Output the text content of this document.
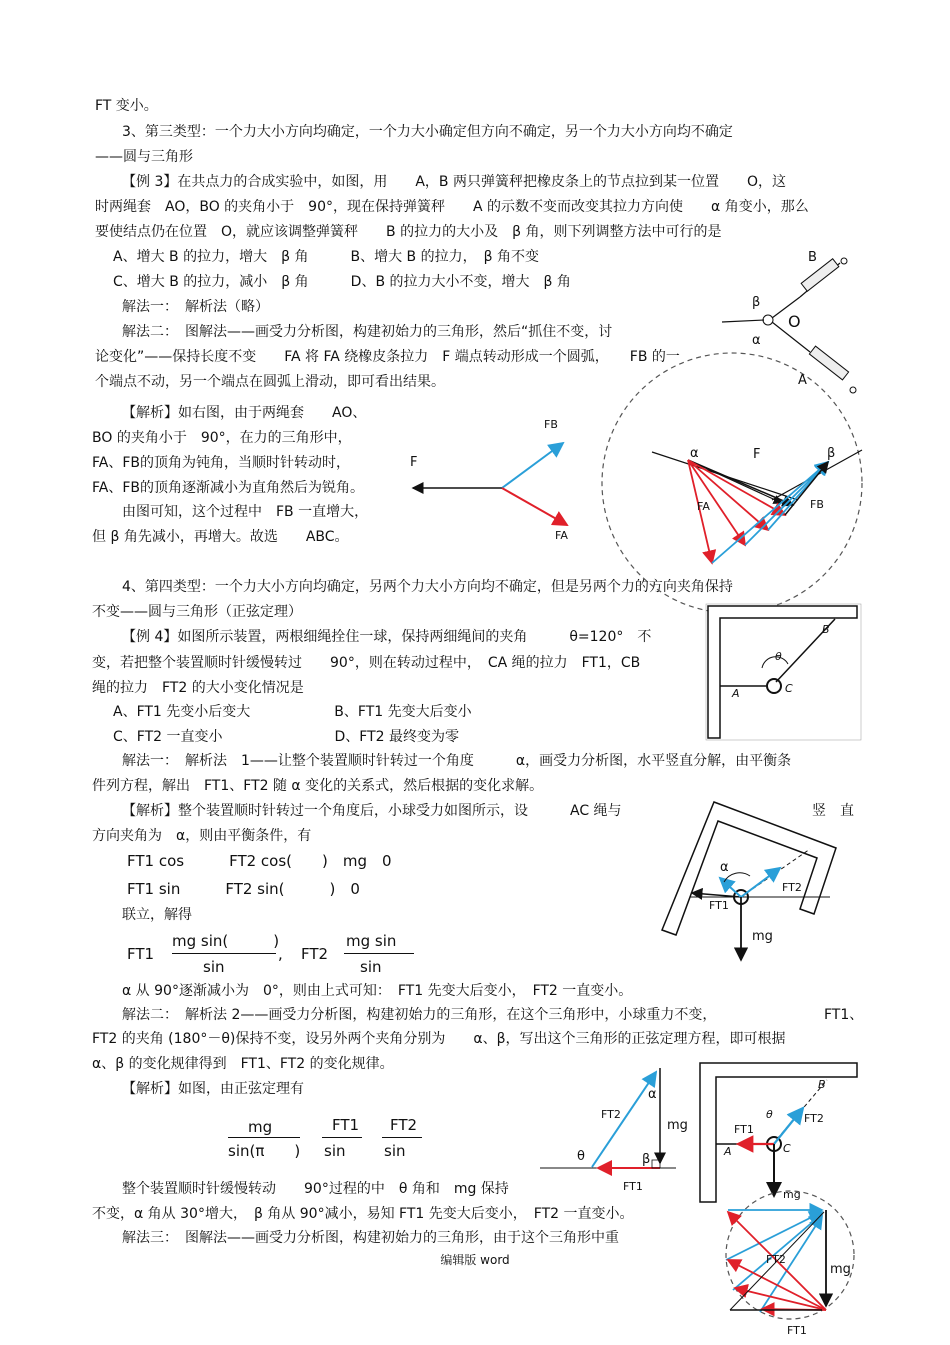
FT 变小。
3、第三类型：一个力大小方向均确定，一个力大小确定但方向不确定，另一个力大小方向均不确定
——圆与三角形
【例 3】在共点力的合成实验中，如图，用　　A，B 两只弹簧秤把橡皮条上的节点拉到某一位置　　O，这
时两绳套　AO，BO 的夹角小于　90°，现在保持弹簧秤　　A 的示数不变而改变其拉力方向使　　α 角变小，那么
要使结点仍在位置　O，就应该调整弹簧秤　　B 的拉力的大小及　β 角，则下列调整方法中可行的是
A、增大 B 的拉力，增大　β 角　　　B、增大 B 的拉力，　β 角不变
C、增大 B 的拉力，减小　β 角　　　D、B 的拉力大小不变，增大　β 角
解法一：　解析法（略）
解法二：　图解法——画受力分析图，构建初始力的三角形，然后“抓住不变，讨
论变化”——保持长度不变　　FA 将 FA 绕橡皮条拉力　F 端点转动形成一个圆弧，　　FB 的一
个端点不动，另一个端点在圆弧上滑动，即可看出结果。
【解析】如右图，由于两绳套　　AO、
BO 的夹角小于　90°，在力的三角形中，
FA、FB的顶角为钝角，当顺时针转动时，
FA、FB的顶角逐渐减小为直角然后为锐角。
由图可知，这个过程中　FB 一直增大，
但 β 角先减小，再增大。故选　　ABC。
4、第四类型：一个力大小方向均确定，另两个力大小方向均不确定，但是另两个力的方向夹角保持
不变——圆与三角形（正弦定理）
【例 4】如图所示装置，两根细绳拴住一球，保持两细绳间的夹角　　　θ=120°　不
变，若把整个装置顺时针缓慢转过　　90°，则在转动过程中，　CA 绳的拉力　FT1，CB
绳的拉力　FT2 的大小变化情况是
A、FT1 先变小后变大　　　　　　B、FT1 先变大后变小
C、FT2 一直变小　　　　　　　　D、FT2 最终变为零
解法一：　解析法　1——让整个装置顺时针转过一个角度　　　α，画受力分析图，水平竖直分解，由平衡条
件列方程，解出　FT1、FT2 随 α 变化的关系式，然后根据的变化求解。
【解析】整个装置顺时针转过一个角度后，小球受力如图所示，设　　　AC 绳与	竖　直
方向夹角为　α，则由平衡条件，有
FT1 cos　　　FT2 cos(　　)　mg　0
FT1 sin　　　FT2 sin(　　　)　0
联立，解得
FT1
mg sin(　　　)
sin
, FT2
mg sin
sin
α 从 90°逐渐减小为　0°，则由上式可知：　FT1 先变大后变小，　FT2 一直变小。
解法二：　解析法 2——画受力分析图，构建初始力的三角形，在这个三角形中，小球重力不变，	FT1、
FT2 的夹角 (180°－θ)保持不变，设另外两个夹角分别为　　α、β，写出这个三角形的正弦定理方程，即可根据
α、β 的变化规律得到　FT1、FT2 的变化规律。
【解析】如图，由正弦定理有
mg
sin(π　　)
FT1
sin
FT2
sin
整个装置顺时针缓慢转动　　90°过程的中　θ 角和　mg 保持
不变，α 角从 30°增大，　β 角从 90°减小，易知 FT1 先变大后变小，　FT2 一直变小。
解法三：　图解法——画受力分析图，构建初始力的三角形，由于这个三角形中重
编辑版 word
B
O
A
β
α
FB
F
FA
α	F	β
FA	FB
B
A	C
θ
α
FT2
FT1
mg
FT2
α
mg
θ	β
FT1
B
FT1
FT2
θ
A	C
mg
FT2
mg
FT1
